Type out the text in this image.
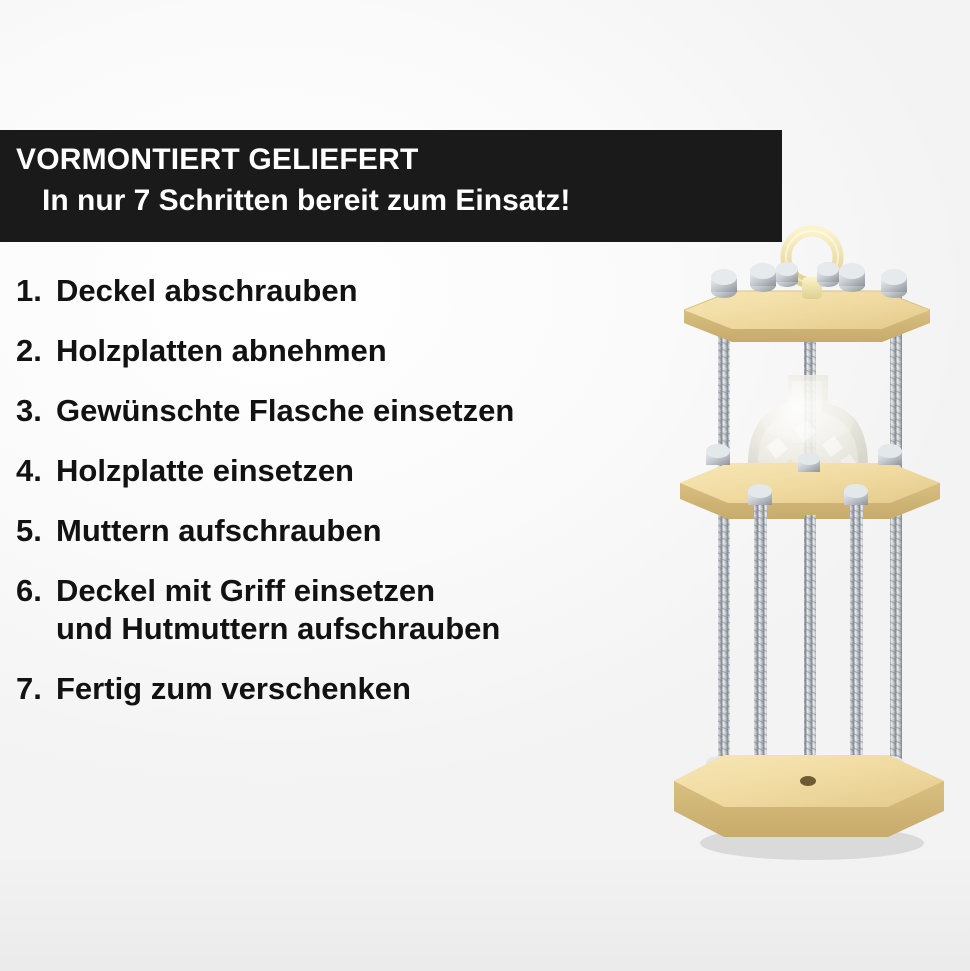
VORMONTIERT GELIEFERT
In nur 7 Schritten bereit zum Einsatz!
1. Deckel abschrauben
2. Holzplatten abnehmen
3. Gewünschte Flasche einsetzen
4. Holzplatte einsetzen
5. Muttern aufschrauben
6. Deckel mit Griff einsetzen
und Hutmuttern aufschrauben
7. Fertig zum verschenken
